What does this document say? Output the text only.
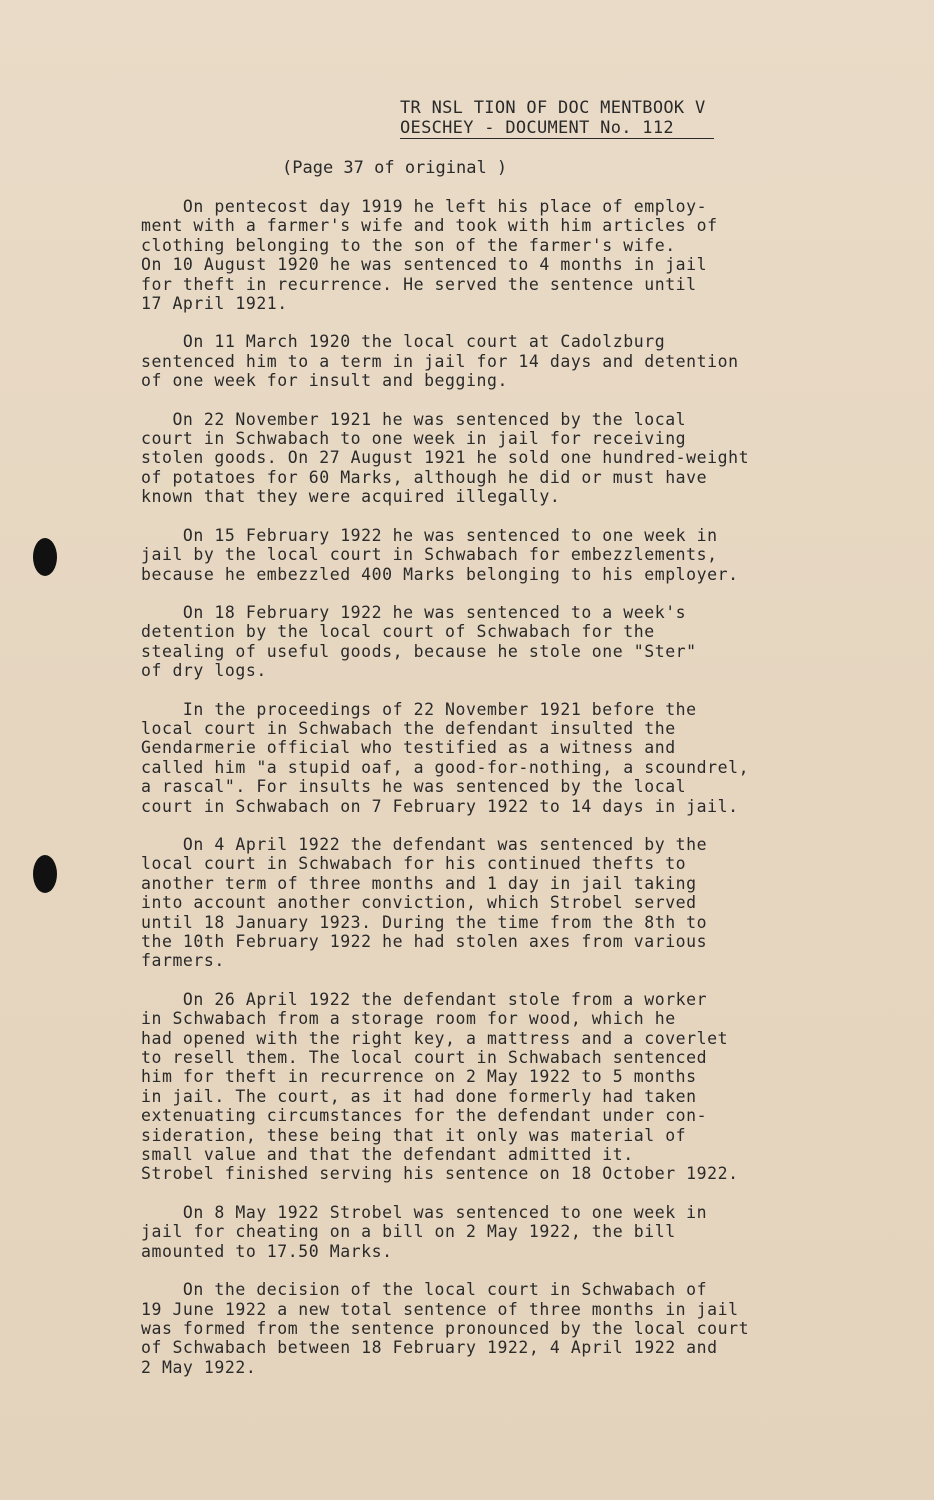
TR NSL TION OF DOC MENTBOOK V
OESCHEY - DOCUMENT No. 112
(Page 37 of original )

On pentecost day 1919 he left his place of employ-
ment with a farmer's wife and took with him articles of
clothing belonging to the son of the farmer's wife.
On 10 August 1920 he was sentenced to 4 months in jail
for theft in recurrence. He served the sentence until
17 April 1921.

On 11 March 1920 the local court at Cadolzburg
sentenced him to a term in jail for 14 days and detention
of one week for insult and begging.

On 22 November 1921 he was sentenced by the local
court in Schwabach to one week in jail for receiving
stolen goods. On 27 August 1921 he sold one hundred-weight
of potatoes for 60 Marks, although he did or must have
known that they were acquired illegally.

On 15 February 1922 he was sentenced to one week in
jail by the local court in Schwabach for embezzlements,
because he embezzled 400 Marks belonging to his employer.

On 18 February 1922 he was sentenced to a week's
detention by the local court of Schwabach for the
stealing of useful goods, because he stole one "Ster"
of dry logs.

In the proceedings of 22 November 1921 before the
local court in Schwabach the defendant insulted the
Gendarmerie official who testified as a witness and
called him "a stupid oaf, a good-for-nothing, a scoundrel,
a rascal". For insults he was sentenced by the local
court in Schwabach on 7 February 1922 to 14 days in jail.

On 4 April 1922 the defendant was sentenced by the
local court in Schwabach for his continued thefts to
another term of three months and 1 day in jail taking
into account another conviction, which Strobel served
until 18 January 1923. During the time from the 8th to
the 10th February 1922 he had stolen axes from various
farmers.

On 26 April 1922 the defendant stole from a worker
in Schwabach from a storage room for wood, which he
had opened with the right key, a mattress and a coverlet
to resell them. The local court in Schwabach sentenced
him for theft in recurrence on 2 May 1922 to 5 months
in jail. The court, as it had done formerly had taken
extenuating circumstances for the defendant under con-
sideration, these being that it only was material of
small value and that the defendant admitted it.
Strobel finished serving his sentence on 18 October 1922.

On 8 May 1922 Strobel was sentenced to one week in
jail for cheating on a bill on 2 May 1922, the bill
amounted to 17.50 Marks.

On the decision of the local court in Schwabach of
19 June 1922 a new total sentence of three months in jail
was formed from the sentence pronounced by the local court
of Schwabach between 18 February 1922, 4 April 1922 and
2 May 1922.
